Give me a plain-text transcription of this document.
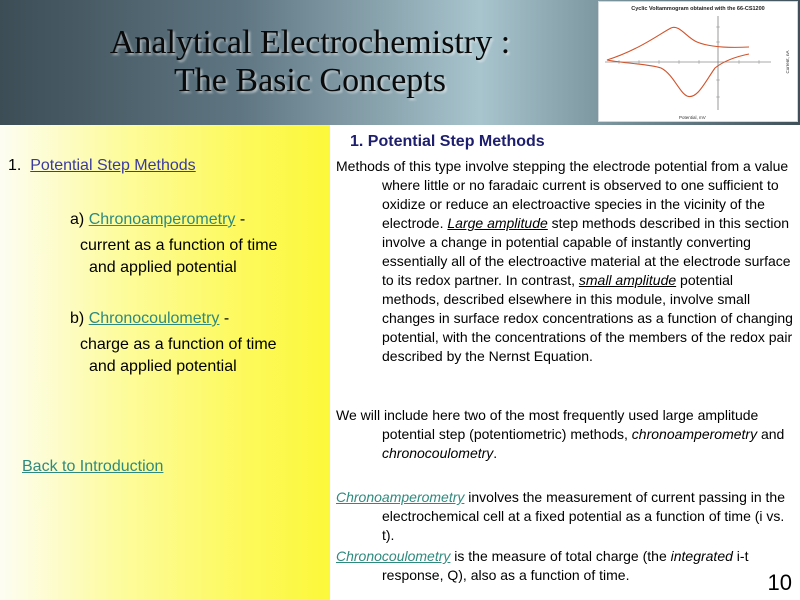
Analytical Electrochemistry :
The Basic Concepts
Cyclic Voltammogram obtained with the 66-CS1200
Potential, mV
Current, nA
1. Potential Step Methods
a) Chronoamperometry -
current as a function of time
and applied potential
b) Chronocoulometry -
charge as a function of time
and applied potential
Back to Introduction
1. Potential Step Methods
Methods of this type involve stepping the electrode potential from a value where little or no faradaic current is observed to one sufficient to oxidize or reduce an electroactive species in the vicinity of the electrode. Large amplitude step methods described in this section involve a change in potential capable of instantly converting essentially all of the electroactive material at the electrode surface to its redox partner. In contrast, small amplitude potential methods, described elsewhere in this module, involve small changes in surface redox concentrations as a function of changing potential, with the concentrations of the members of the redox pair described by the Nernst Equation.
We will include here two of the most frequently used large amplitude potential step (potentiometric) methods, chronoamperometry and chronocoulometry.
Chronoamperometry involves the measurement of current passing in the electrochemical cell at a fixed potential as a function of time (i vs. t).
Chronocoulometry is the measure of total charge (the integrated i-t response, Q), also as a function of time.	10
